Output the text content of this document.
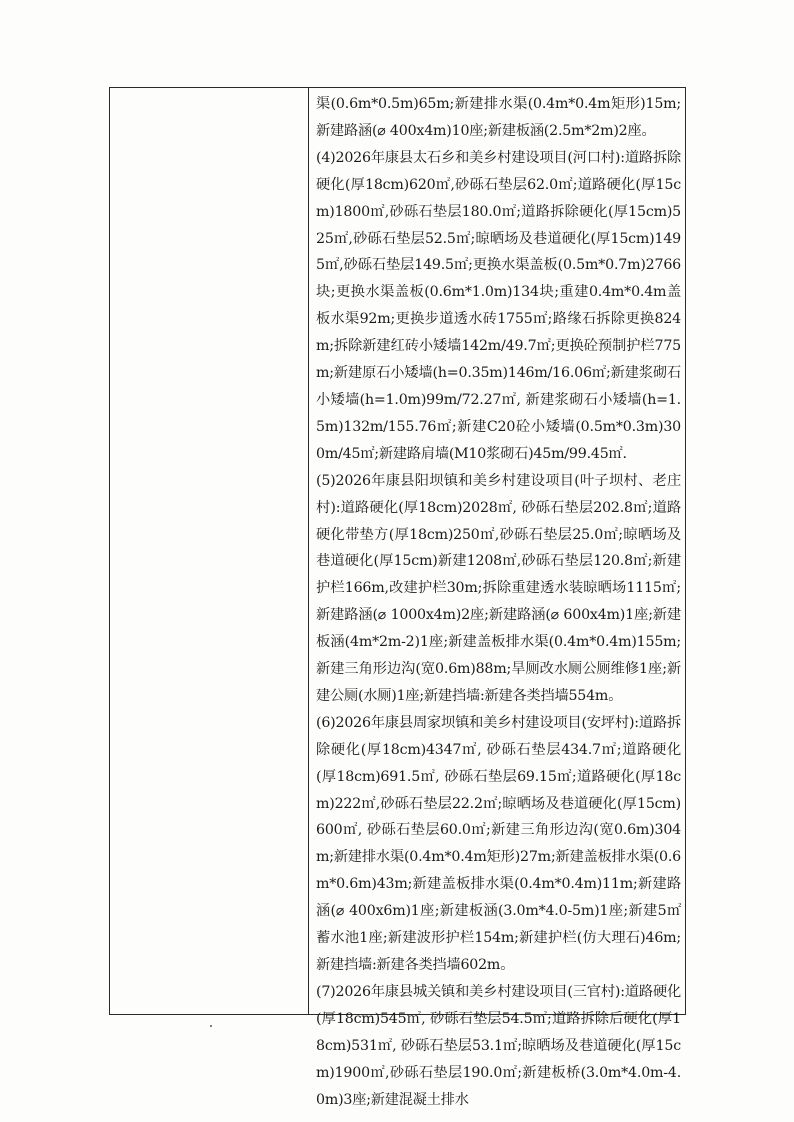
渠(0.6m*0.5m)65m;新建排水渠(0.4m*0.4m矩形)15m;新建路涵(⌀ 400x4m)10座;新建板涵(2.5m*2m)2座。

(4)2026年康县太石乡和美乡村建设项目(河口村):道路拆除硬化(厚18cm)620㎡,砂砾石垫层62.0㎡;道路硬化(厚15cm)1800㎡,砂砾石垫层180.0㎡;道路拆除硬化(厚15cm)525㎡,砂砾石垫层52.5㎡;晾晒场及巷道硬化(厚15cm)1495㎡,砂砾石垫层149.5㎡;更换水渠盖板(0.5m*0.7m)2766块;更换水渠盖板(0.6m*1.0m)134块;重建0.4m*0.4m盖板水渠92m;更换步道透水砖1755㎡;路缘石拆除更换824m;拆除新建红砖小矮墙142m/49.7㎡;更换砼预制护栏775m;新建原石小矮墙(h=0.35m)146m/16.06㎡;新建浆砌石小矮墙(h=1.0m)99m/72.27㎡, 新建浆砌石小矮墙(h=1.5m)132m/155.76㎡;新建C20砼小矮墙(0.5m*0.3m)300m/45㎡;新建路肩墙(M10浆砌石)45m/99.45㎡.

(5)2026年康县阳坝镇和美乡村建设项目(叶子坝村、老庄村):道路硬化(厚18cm)2028㎡, 砂砾石垫层202.8㎡;道路硬化带垫方(厚18cm)250㎡,砂砾石垫层25.0㎡;晾晒场及巷道硬化(厚15cm)新建1208㎡,砂砾石垫层120.8㎡;新建护栏166m,改建护栏30m;拆除重建透水装晾晒场1115㎡;新建路涵(⌀ 1000x4m)2座;新建路涵(⌀ 600x4m)1座;新建板涵(4m*2m-2)1座;新建盖板排水渠(0.4m*0.4m)155m;新建三角形边沟(宽0.6m)88m;旱厕改水厕公厕维修1座;新建公厕(水厕)1座;新建挡墙:新建各类挡墙554m。

(6)2026年康县周家坝镇和美乡村建设项目(安坪村):道路拆除硬化(厚18cm)4347㎡, 砂砾石垫层434.7㎡;道路硬化(厚18cm)691.5㎡, 砂砾石垫层69.15㎡;道路硬化(厚18cm)222㎡,砂砾石垫层22.2㎡;晾晒场及巷道硬化(厚15cm)600㎡, 砂砾石垫层60.0㎡;新建三角形边沟(宽0.6m)304m;新建排水渠(0.4m*0.4m矩形)27m;新建盖板排水渠(0.6m*0.6m)43m;新建盖板排水渠(0.4m*0.4m)11m;新建路涵(⌀ 400x6m)1座;新建板涵(3.0m*4.0-5m)1座;新建5㎡蓄水池1座;新建波形护栏154m;新建护栏(仿大理石)46m;新建挡墙:新建各类挡墙602m。

(7)2026年康县城关镇和美乡村建设项目(三官村):道路硬化(厚18cm)545㎡, 砂砾石垫层54.5㎡;道路拆除后硬化(厚18cm)531㎡, 砂砾石垫层53.1㎡;晾晒场及巷道硬化(厚15cm)1900㎡,砂砾石垫层190.0㎡;新建板桥(3.0m*4.0m-4.0m)3座;新建混凝土排水
